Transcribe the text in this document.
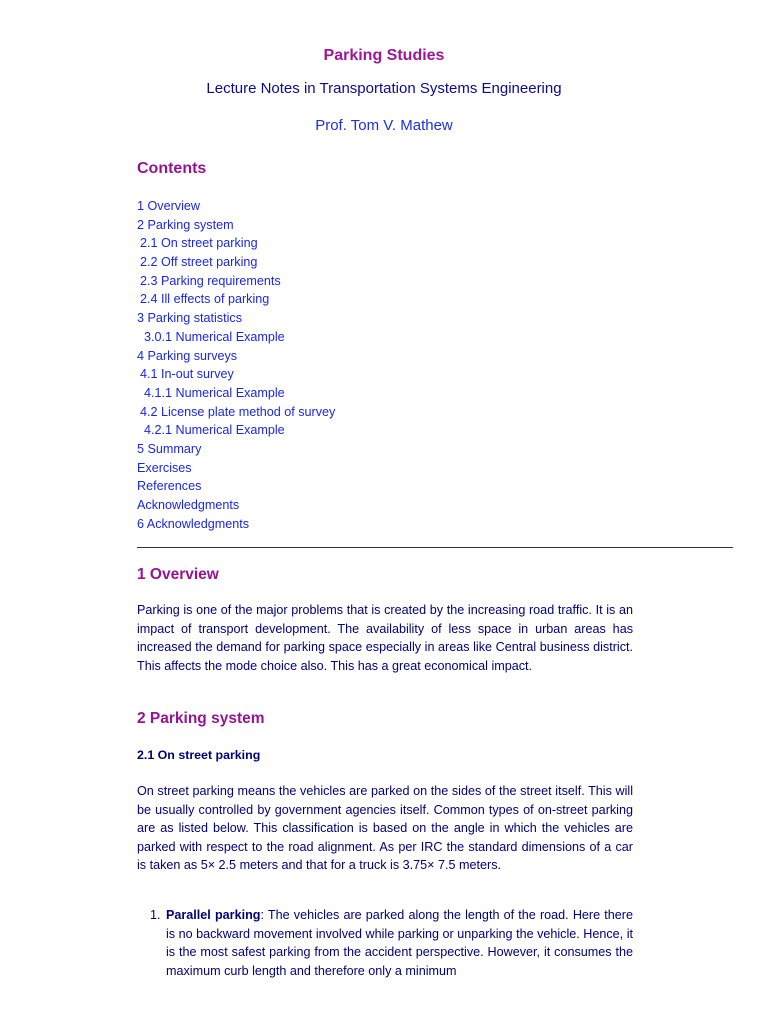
Parking Studies
Lecture Notes in Transportation Systems Engineering
Prof. Tom V. Mathew
Contents
1 Overview
2 Parking system
2.1 On street parking
2.2 Off street parking
2.3 Parking requirements
2.4 Ill effects of parking
3 Parking statistics
3.0.1 Numerical Example
4 Parking surveys
4.1 In-out survey
4.1.1 Numerical Example
4.2 License plate method of survey
4.2.1 Numerical Example
5 Summary
Exercises
References
Acknowledgments
6 Acknowledgments
1 Overview

Parking is one of the major problems that is created by the increasing road traffic. It is an impact of transport development. The availability of less space in urban areas has increased the demand for parking space especially in areas like Central business district. This affects the mode choice also. This has a great economical impact.

2 Parking system
2.1 On street parking

On street parking means the vehicles are parked on the sides of the street itself. This will be usually controlled by government agencies itself. Common types of on-street parking are as listed below. This classification is based on the angle in which the vehicles are parked with respect to the road alignment. As per IRC the standard dimensions of a car is taken as 5× 2.5 meters and that for a truck is 3.75× 7.5 meters.

1. Parallel parking: The vehicles are parked along the length of the road. Here there is no backward movement involved while parking or unparking the vehicle. Hence, it is the most safest parking from the accident perspective. However, it consumes the maximum curb length and therefore only a minimum
